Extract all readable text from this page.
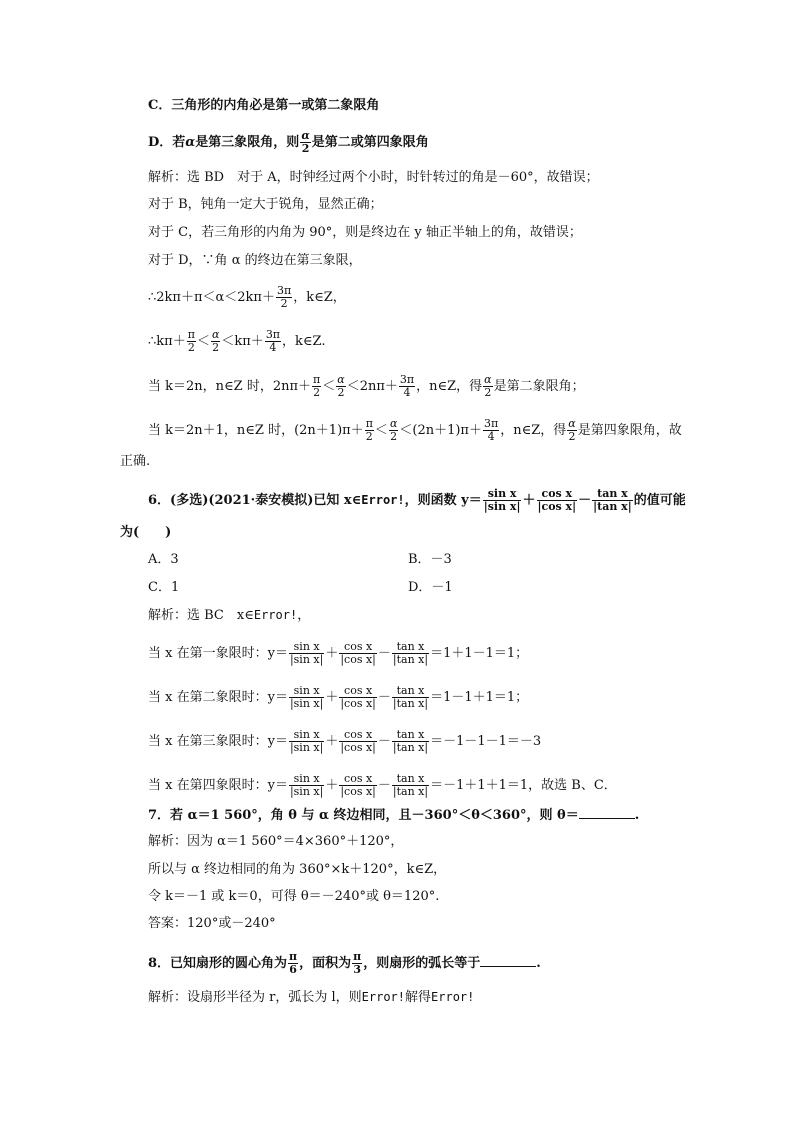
C．三角形的内角必是第一或第二象限角
D．若α是第三象限角，则 $\frac{\alpha}{2}$ 是第二或第四象限角
解析：选 BD　对于 A，时钟经过两个小时，时针转过的角是－60°，故错误；
对于 B，钝角一定大于锐角，显然正确；
对于 C，若三角形的内角为 90°，则是终边在 y 轴正半轴上的角，故错误；
对于 D，∵角 α 的终边在第三象限，
∴2kπ＋π＜α＜2kπ＋ $\frac{3\pi}{2}$ ，k∈Z，
∴kπ＋ $\frac{\pi}{2} < \frac{\alpha}{2} <k\pi+ \frac{3\pi}{4}$ ，k∈Z.
当 k＝2n，n∈Z 时，$2n\pi+ \frac{\pi}{2} < \frac{\alpha}{2} <2n\pi+ \frac{3\pi}{4}$ ，n∈Z，得 $\frac{\alpha}{2}$ 是第二象限角；
当 k＝2n＋1，n∈Z 时，$(2n+1)\pi+ \frac{\pi}{2} < \frac{\alpha}{2} <(2n+1)\pi+ \frac{3\pi}{4}$ ，n∈Z，得 $\frac{\alpha}{2}$ 是第四象限角，故
正确.
6．(多选)(2021·泰安模拟)已知 x∈Error!，则函数 $y= \frac{\text{sin x}}{\text{|sin x|}} + \frac{\text{cos x}}{\text{|cos x|}} - \frac{\text{tan x}}{\text{|tan x|}}$ 的值可能
为(　　)
A．3	B．－3
C．1	D．－1
解析：选 BC　x∈Error!，
当 x 在第一象限时：$y= \frac{\text{sin x}}{\text{|sin x|}} + \frac{\text{cos x}}{\text{|cos x|}} - \frac{\text{tan x}}{\text{|tan x|}} =1+1-1=1$；
当 x 在第二象限时：$y= \frac{\text{sin x}}{\text{|sin x|}} + \frac{\text{cos x}}{\text{|cos x|}} - \frac{\text{tan x}}{\text{|tan x|}} =1-1+1=1$；
当 x 在第三象限时：$y= \frac{\text{sin x}}{\text{|sin x|}} + \frac{\text{cos x}}{\text{|cos x|}} - \frac{\text{tan x}}{\text{|tan x|}} =-1-1-1=-3$
当 x 在第四象限时：$y= \frac{\text{sin x}}{\text{|sin x|}} + \frac{\text{cos x}}{\text{|cos x|}} - \frac{\text{tan x}}{\text{|tan x|}} =-1+1+1=1$，故选 B、C．
7．若 α＝1 560°，角 θ 与 α 终边相同，且－360°＜θ＜360°，则 θ＝	.
解析：因为 α＝1 560°＝4×360°＋120°，
所以与 α 终边相同的角为 360°×k＋120°，k∈Z，
令 k＝－1 或 k＝0，可得 θ＝－240°或 θ＝120°.
答案：120°或－240°
8．已知扇形的圆心角为 $\frac{\pi}{6}$ ，面积为 $\frac{\pi}{3}$ ，则扇形的弧长等于	.
解析：设扇形半径为 r，弧长为 l，则Error!解得Error!
